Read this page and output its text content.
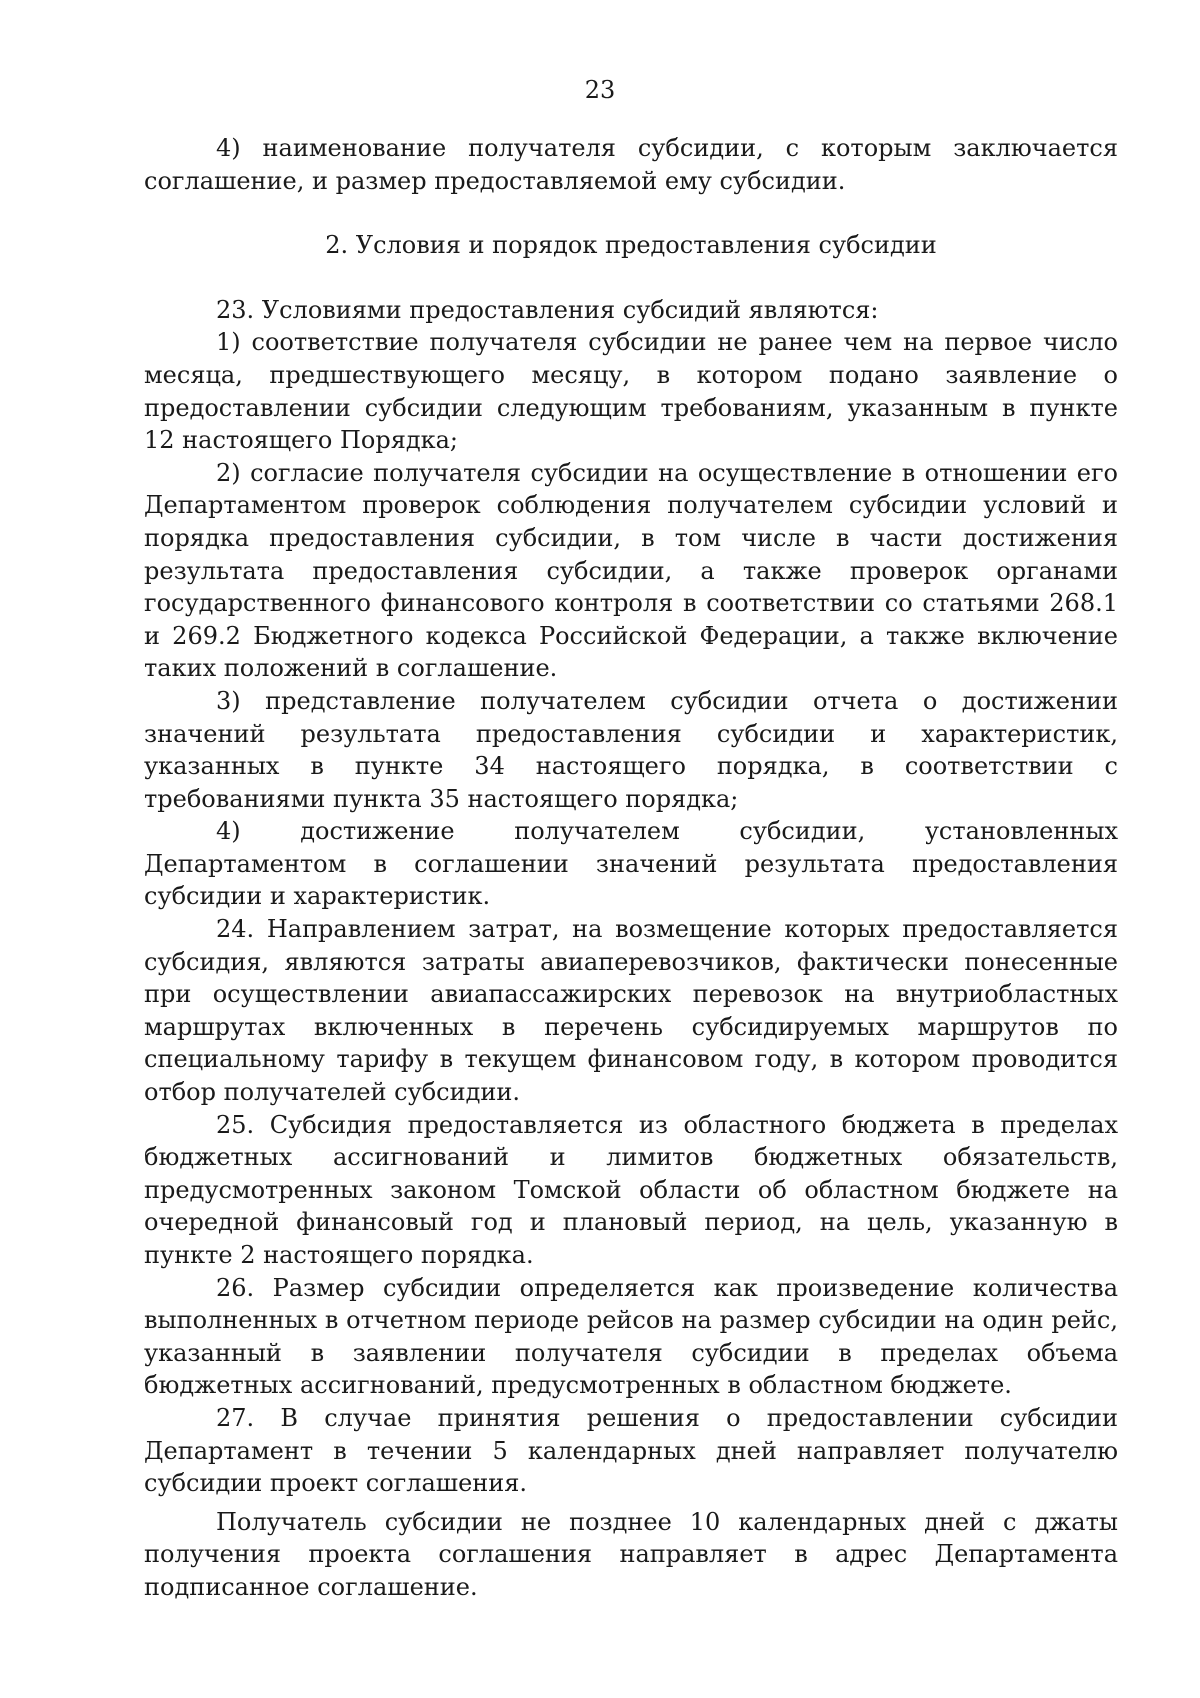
23

4) наименование получателя субсидии, с которым заключается соглашение, и размер предоставляемой ему субсидии.

2. Условия и порядок предоставления субсидии

23. Условиями предоставления субсидий являются:

1) соответствие получателя субсидии не ранее чем на первое число месяца, предшествующего месяцу, в котором подано заявление о предоставлении субсидии следующим требованиям, указанным в пункте 12 настоящего Порядка;

2) согласие получателя субсидии на осуществление в отношении его Департаментом проверок соблюдения получателем субсидии условий и порядка предоставления субсидии, в том числе в части достижения результата предоставления субсидии, а также проверок органами государственного финансового контроля в соответствии со статьями 268.1 и 269.2 Бюджетного кодекса Российской Федерации, а также включение таких положений в соглашение.

3) представление получателем субсидии отчета о достижении значений результата предоставления субсидии и характеристик, указанных в пункте 34 настоящего порядка, в соответствии с требованиями пункта 35 настоящего порядка;

4) достижение получателем субсидии, установленных Департаментом в соглашении значений результата предоставления субсидии и характеристик.

24. Направлением затрат, на возмещение которых предоставляется субсидия, являются затраты авиаперевозчиков, фактически понесенные при осуществлении авиапассажирских перевозок на внутриобластных маршрутах включенных в перечень субсидируемых маршрутов по специальному тарифу в текущем финансовом году, в котором проводится отбор получателей субсидии.

25. Субсидия предоставляется из областного бюджета в пределах бюджетных ассигнований и лимитов бюджетных обязательств, предусмотренных законом Томской области об областном бюджете на очередной финансовый год и плановый период, на цель, указанную в пункте 2 настоящего порядка.

26. Размер субсидии определяется как произведение количества выполненных в отчетном периоде рейсов на размер субсидии на один рейс, указанный в заявлении получателя субсидии в пределах объема бюджетных ассигнований, предусмотренных в областном бюджете.

27. В случае принятия решения о предоставлении субсидии Департамент в течении 5 календарных дней направляет получателю субсидии проект соглашения.

Получатель субсидии не позднее 10 календарных дней с джаты получения проекта соглашения направляет в адрес Департамента подписанное соглашение.
